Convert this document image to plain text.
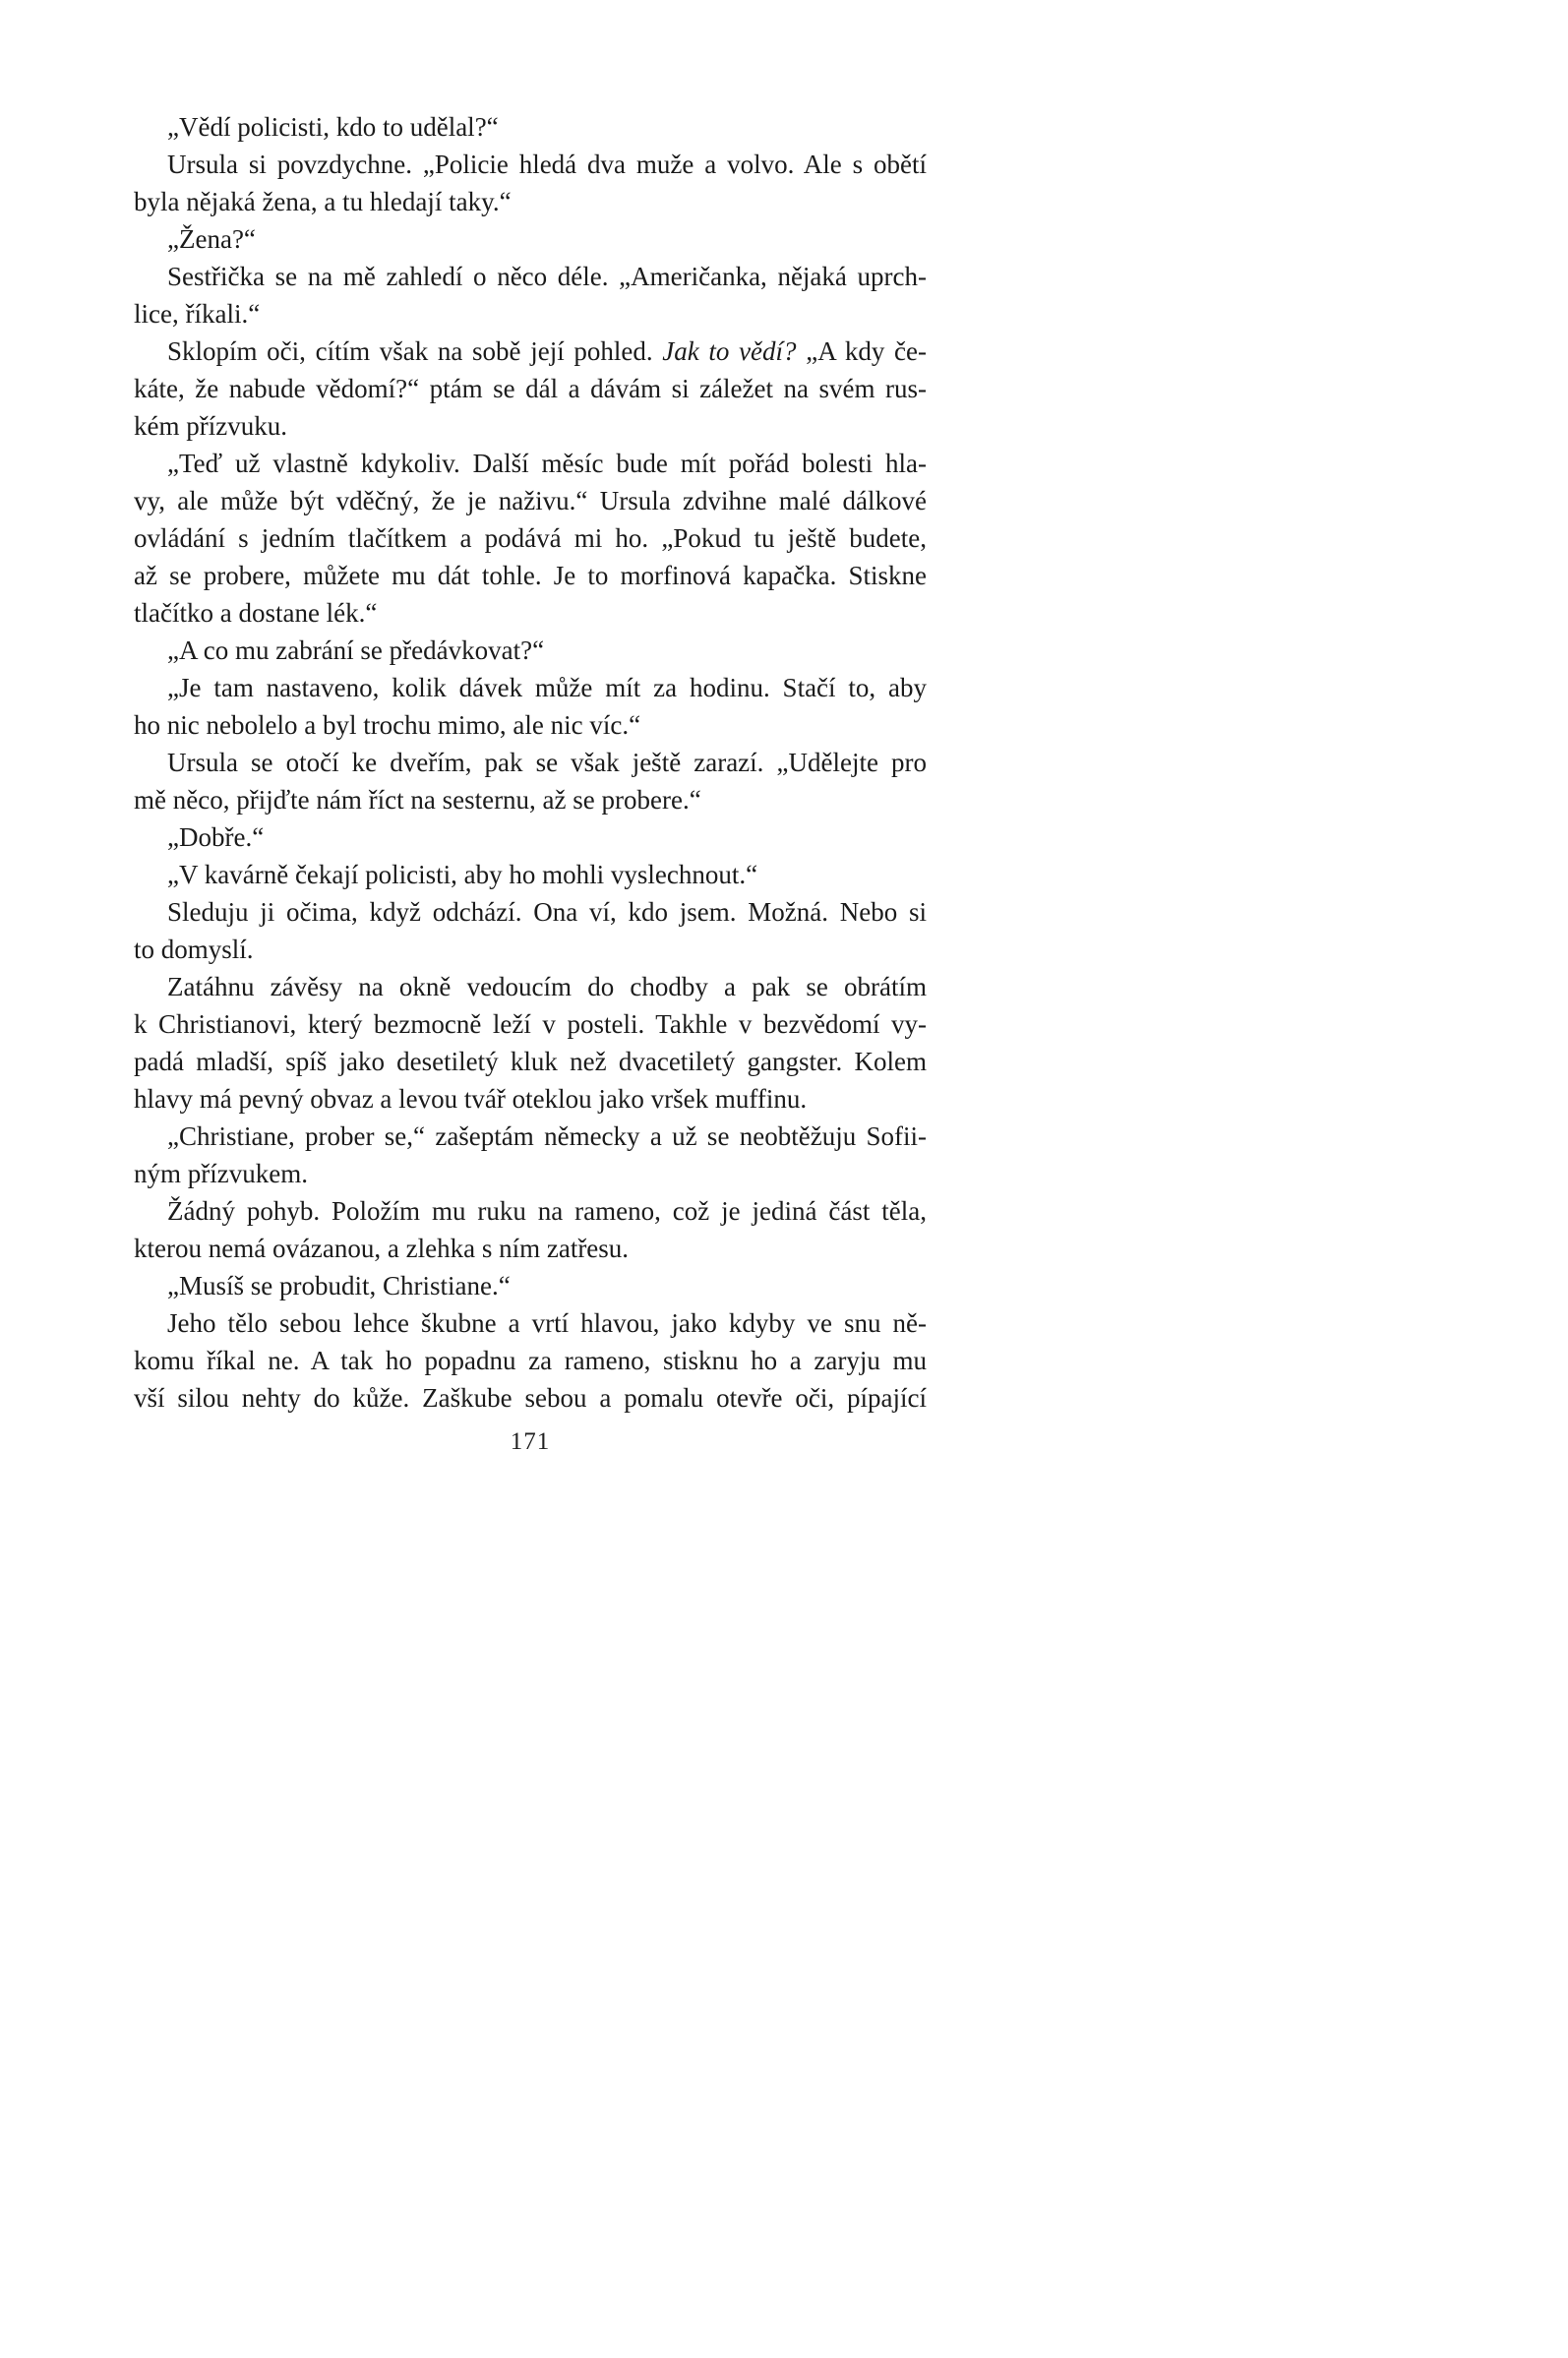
„Vědí policisti, kdo to udělal?“
Ursula si povzdychne. „Policie hledá dva muže a volvo. Ale s obětí
byla nějaká žena, a tu hledají taky.“
„Žena?“
Sestřička se na mě zahledí o něco déle. „Američanka, nějaká uprch-
lice, říkali.“
Sklopím oči, cítím však na sobě její pohled. Jak to vědí? „A kdy če-
káte, že nabude vědomí?“ ptám se dál a dávám si záležet na svém rus-
kém přízvuku.
„Teď už vlastně kdykoliv. Další měsíc bude mít pořád bolesti hla-
vy, ale může být vděčný, že je naživu.“ Ursula zdvihne malé dálkové
ovládání s jedním tlačítkem a podává mi ho. „Pokud tu ještě budete,
až se probere, můžete mu dát tohle. Je to morfinová kapačka. Stiskne
tlačítko a dostane lék.“
„A co mu zabrání se předávkovat?“
„Je tam nastaveno, kolik dávek může mít za hodinu. Stačí to, aby
ho nic nebolelo a byl trochu mimo, ale nic víc.“
Ursula se otočí ke dveřím, pak se však ještě zarazí. „Udělejte pro
mě něco, přijďte nám říct na sesternu, až se probere.“
„Dobře.“
„V kavárně čekají policisti, aby ho mohli vyslechnout.“
Sleduju ji očima, když odchází. Ona ví, kdo jsem. Možná. Nebo si
to domyslí.
Zatáhnu závěsy na okně vedoucím do chodby a pak se obrátím
k Christianovi, který bezmocně leží v posteli. Takhle v bezvědomí vy-
padá mladší, spíš jako desetiletý kluk než dvacetiletý gangster. Kolem
hlavy má pevný obvaz a levou tvář oteklou jako vršek muffinu.
„Christiane, prober se,“ zašeptám německy a už se neobtěžuju Sofii-
ným přízvukem.
Žádný pohyb. Položím mu ruku na rameno, což je jediná část těla,
kterou nemá ovázanou, a zlehka s ním zatřesu.
„Musíš se probudit, Christiane.“
Jeho tělo sebou lehce škubne a vrtí hlavou, jako kdyby ve snu ně-
komu říkal ne. A tak ho popadnu za rameno, stisknu ho a zaryju mu
vší silou nehty do kůže. Zaškube sebou a pomalu otevře oči, pípající
171
